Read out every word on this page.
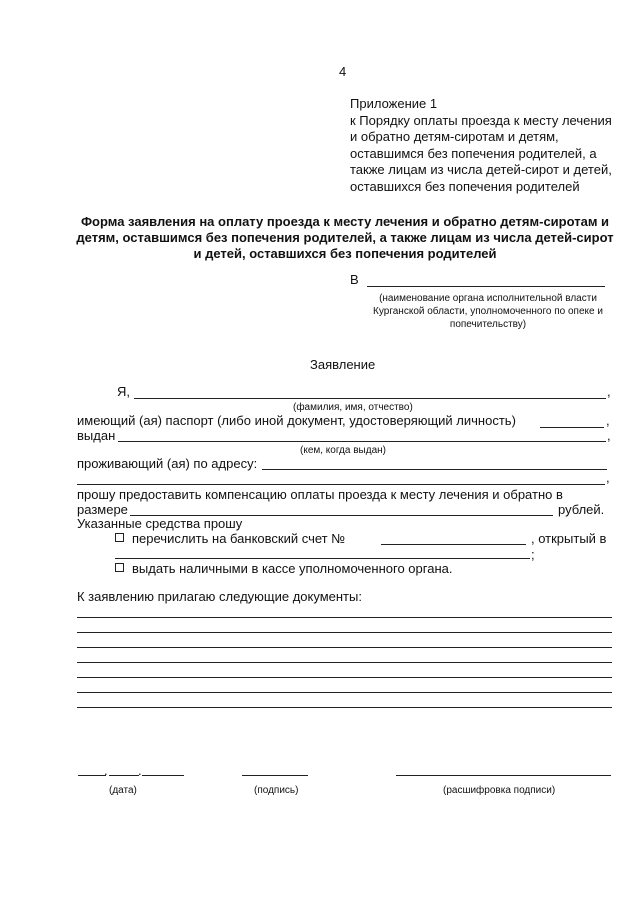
4
Приложение 1
к Порядку оплаты проезда к месту лечения
и обратно детям-сиротам и детям,
оставшимся без попечения родителей, а
также лицам из числа детей-сирот и детей,
оставшихся без попечения родителей
Форма заявления на оплату проезда к месту лечения и обратно детям-сиротам и
детям, оставшимся без попечения родителей, а также лицам из числа детей-сирот
и детей, оставшихся без попечения родителей
В
(наименование органа исполнительной власти
Курганской области, уполномоченного по опеке и
попечительству)
Заявление
Я,	,
(фамилия, имя, отчество)
имеющий (ая) паспорт (либо иной документ, удостоверяющий личность)	,
выдан	,
(кем, когда выдан)
проживающий (ая) по адресу:
,
прошу предоставить компенсацию оплаты проезда к месту лечения и обратно в
размере	рублей.
Указанные средства прошу
перечислить на банковский счет №	, открытый в
;
выдать наличными в кассе уполномоченного органа.
К заявлению прилагаю следующие документы:
. .
(дата)	(подпись)	(расшифровка подписи)
